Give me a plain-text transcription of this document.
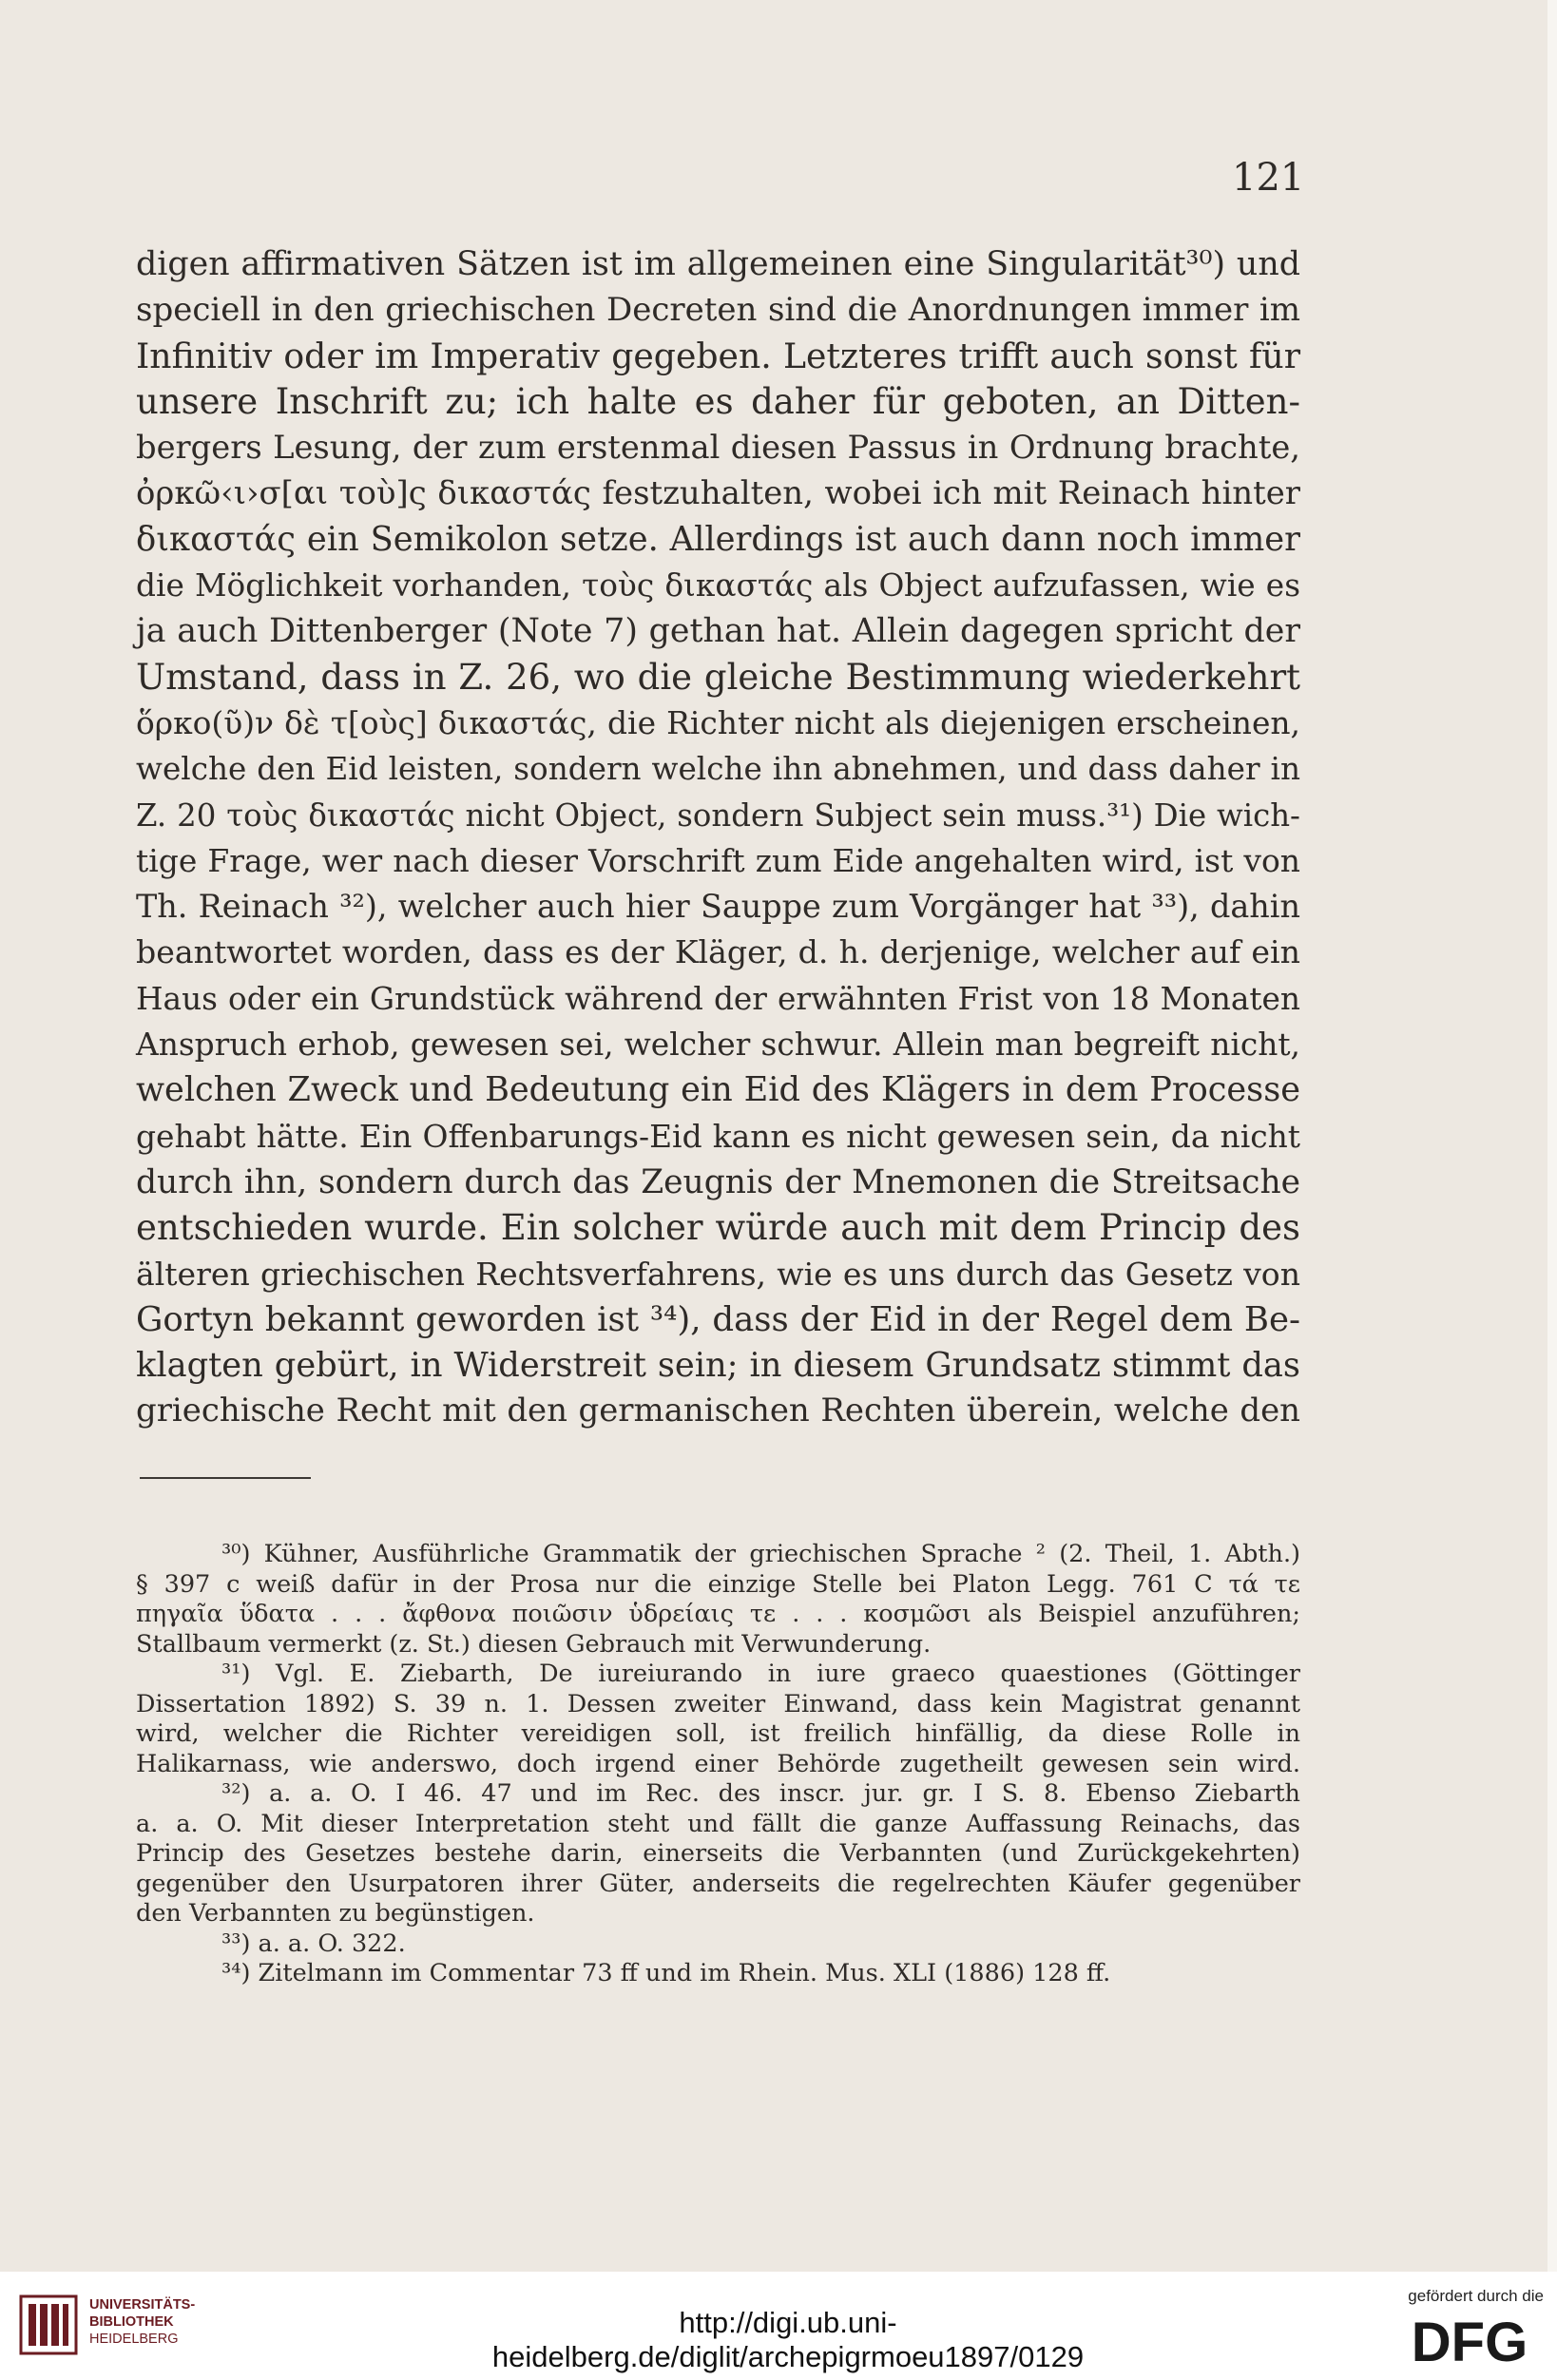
121
digen affirmativen Sätzen ist im allgemeinen eine Singularität³⁰) und
speciell in den griechischen Decreten sind die Anordnungen immer im
Infinitiv oder im Imperativ gegeben. Letzteres trifft auch sonst für
unsere Inschrift zu; ich halte es daher für geboten, an Ditten-
bergers Lesung, der zum erstenmal diesen Passus in Ordnung brachte,
ὀρκῶ‹ι›σ[αι τοὺ]ς δικαστάς festzuhalten, wobei ich mit Reinach hinter
δικαστάς ein Semikolon setze. Allerdings ist auch dann noch immer
die Möglichkeit vorhanden, τοὺς δικαστάς als Object aufzufassen, wie es
ja auch Dittenberger (Note 7) gethan hat. Allein dagegen spricht der
Umstand, dass in Z. 26, wo die gleiche Bestimmung wiederkehrt
ὅρκο(ῦ)ν δὲ τ[οὺς] δικαστάς, die Richter nicht als diejenigen erscheinen,
welche den Eid leisten, sondern welche ihn abnehmen, und dass daher in
Z. 20 τοὺς δικαστάς nicht Object, sondern Subject sein muss.³¹) Die wich-
tige Frage, wer nach dieser Vorschrift zum Eide angehalten wird, ist von
Th. Reinach ³²), welcher auch hier Sauppe zum Vorgänger hat ³³), dahin
beantwortet worden, dass es der Kläger, d. h. derjenige, welcher auf ein
Haus oder ein Grundstück während der erwähnten Frist von 18 Monaten
Anspruch erhob, gewesen sei, welcher schwur. Allein man begreift nicht,
welchen Zweck und Bedeutung ein Eid des Klägers in dem Processe
gehabt hätte. Ein Offenbarungs-Eid kann es nicht gewesen sein, da nicht
durch ihn, sondern durch das Zeugnis der Mnemonen die Streitsache
entschieden wurde. Ein solcher würde auch mit dem Princip des
älteren griechischen Rechtsverfahrens, wie es uns durch das Gesetz von
Gortyn bekannt geworden ist ³⁴), dass der Eid in der Regel dem Be-
klagten gebürt, in Widerstreit sein; in diesem Grundsatz stimmt das
griechische Recht mit den germanischen Rechten überein, welche den
³⁰) Kühner, Ausführliche Grammatik der griechischen Sprache ² (2. Theil, 1. Abth.)
§ 397 c weiß dafür in der Prosa nur die einzige Stelle bei Platon Legg. 761 C τά τε
πηγαῖα ὕδατα . . . ἄφθονα ποιῶσιν ὑδρείαις τε . . . κοσμῶσι als Beispiel anzuführen;
Stallbaum vermerkt (z. St.) diesen Gebrauch mit Verwunderung.
³¹) Vgl. E. Ziebarth, De iureiurando in iure graeco quaestiones (Göttinger
Dissertation 1892) S. 39 n. 1. Dessen zweiter Einwand, dass kein Magistrat genannt
wird, welcher die Richter vereidigen soll, ist freilich hinfällig, da diese Rolle in
Halikarnass, wie anderswo, doch irgend einer Behörde zugetheilt gewesen sein wird.
³²) a. a. O. I 46. 47 und im Rec. des inscr. jur. gr. I S. 8. Ebenso Ziebarth
a. a. O. Mit dieser Interpretation steht und fällt die ganze Auffassung Reinachs, das
Princip des Gesetzes bestehe darin, einerseits die Verbannten (und Zurückgekehrten)
gegenüber den Usurpatoren ihrer Güter, anderseits die regelrechten Käufer gegenüber
den Verbannten zu begünstigen.
³³) a. a. O. 322.
³⁴) Zitelmann im Commentar 73 ff und im Rhein. Mus. XLI (1886) 128 ff.
UNIVERSITÄTS-
BIBLIOTHEK
HEIDELBERG	http://digi.ub.uni-heidelberg.de/diglit/archepigrmoeu1897/0129
gefördert durch die
DFG
